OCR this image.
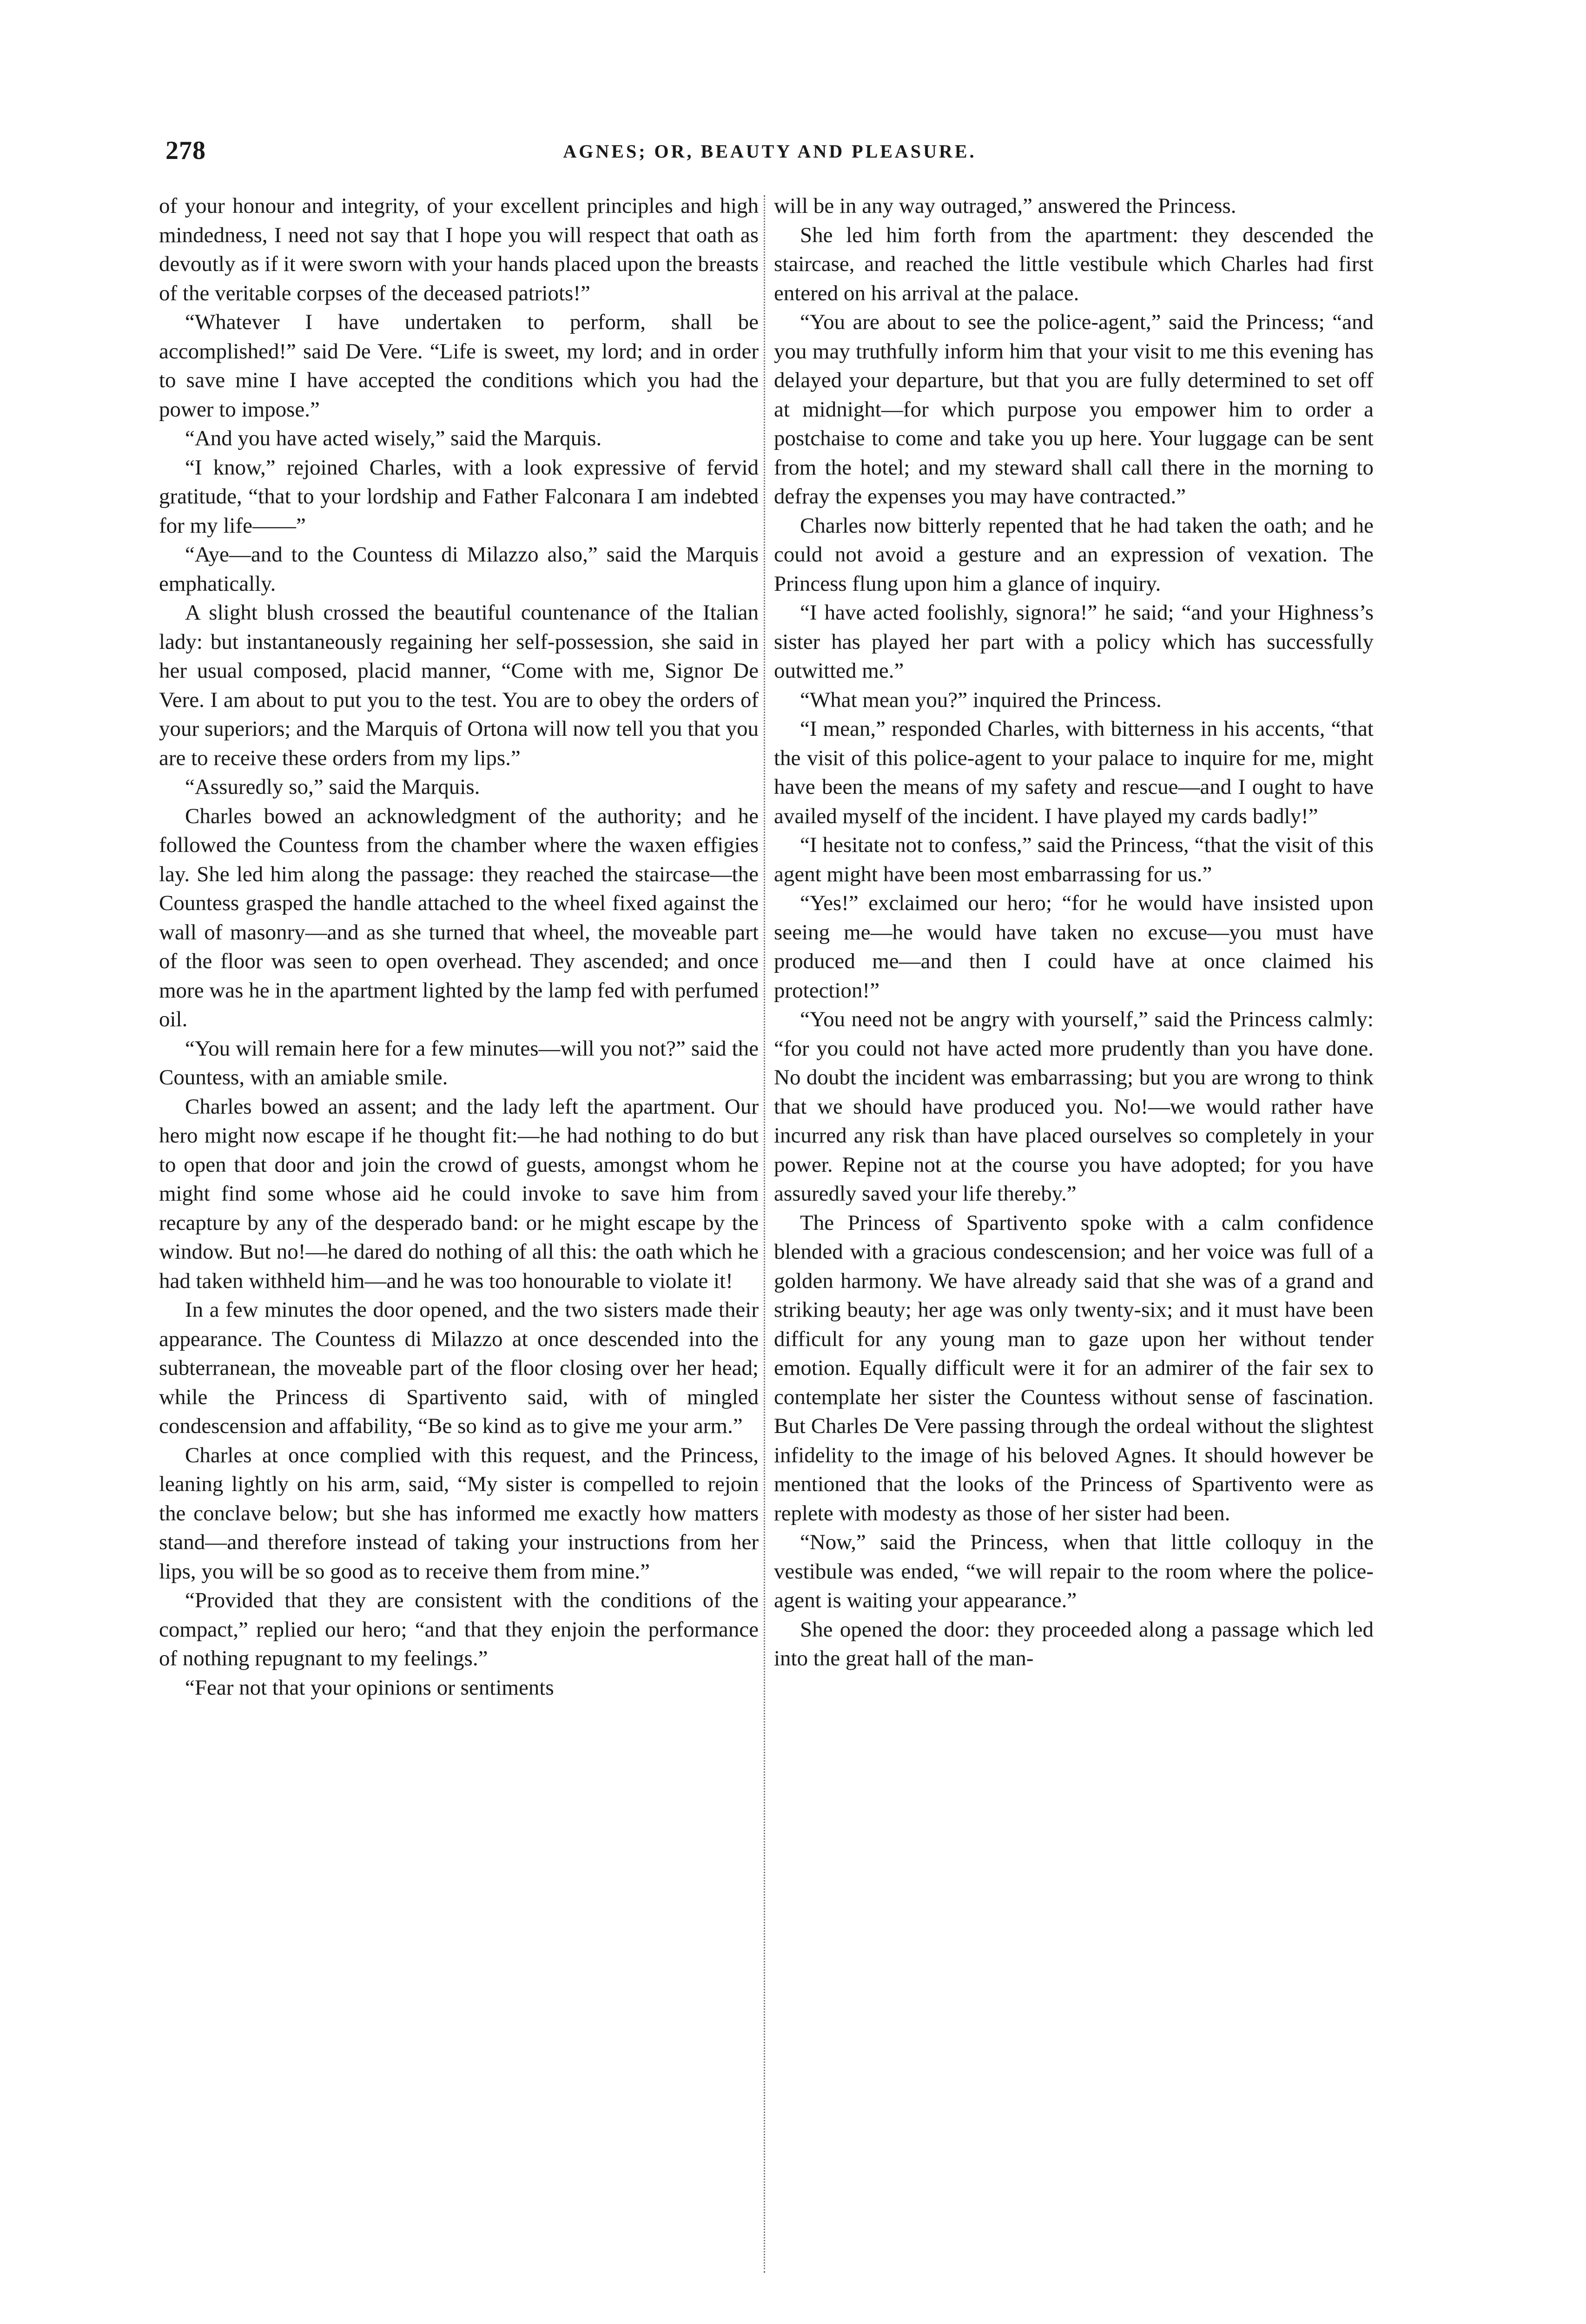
278	AGNES; OR, BEAUTY AND PLEASURE.

of your honour and integrity, of your excellent principles and high mindedness, I need not say that I hope you will respect that oath as devoutly as if it were sworn with your hands placed upon the breasts of the veritable corpses of the deceased patriots!”

“Whatever I have undertaken to perform, shall be accomplished!” said De Vere. “Life is sweet, my lord; and in order to save mine I have accepted the conditions which you had the power to impose.”

“And you have acted wisely,” said the Marquis.

“I know,” rejoined Charles, with a look expressive of fervid gratitude, “that to your lordship and Father Falconara I am indebted for my life——”

“Aye—and to the Countess di Milazzo also,” said the Marquis emphatically.

A slight blush crossed the beautiful countenance of the Italian lady: but instantaneously regaining her self-possession, she said in her usual composed, placid manner, “Come with me, Signor De Vere. I am about to put you to the test. You are to obey the orders of your superiors; and the Marquis of Ortona will now tell you that you are to receive these orders from my lips.”

“Assuredly so,” said the Marquis.

Charles bowed an acknowledgment of the authority; and he followed the Countess from the chamber where the waxen effigies lay. She led him along the passage: they reached the staircase—the Countess grasped the handle attached to the wheel fixed against the wall of masonry—and as she turned that wheel, the moveable part of the floor was seen to open overhead. They ascended; and once more was he in the apartment lighted by the lamp fed with perfumed oil.

“You will remain here for a few minutes—will you not?” said the Countess, with an amiable smile.

Charles bowed an assent; and the lady left the apartment. Our hero might now escape if he thought fit:—he had nothing to do but to open that door and join the crowd of guests, amongst whom he might find some whose aid he could invoke to save him from recapture by any of the desperado band: or he might escape by the window. But no!—he dared do nothing of all this: the oath which he had taken withheld him—and he was too honourable to violate it!

In a few minutes the door opened, and the two sisters made their appearance. The Countess di Milazzo at once descended into the subterranean, the moveable part of the floor closing over her head; while the Princess di Spartivento said, with of mingled condescension and affability, “Be so kind as to give me your arm.”

Charles at once complied with this request, and the Princess, leaning lightly on his arm, said, “My sister is compelled to rejoin the conclave below; but she has informed me exactly how matters stand—and therefore instead of taking your instructions from her lips, you will be so good as to receive them from mine.”

“Provided that they are consistent with the conditions of the compact,” replied our hero; “and that they enjoin the performance of nothing repugnant to my feelings.”

“Fear not that your opinions or sentiments

will be in any way outraged,” answered the Princess.

She led him forth from the apartment: they descended the staircase, and reached the little vestibule which Charles had first entered on his arrival at the palace.

“You are about to see the police-agent,” said the Princess; “and you may truthfully inform him that your visit to me this evening has delayed your departure, but that you are fully determined to set off at midnight—for which purpose you empower him to order a postchaise to come and take you up here. Your luggage can be sent from the hotel; and my steward shall call there in the morning to defray the expenses you may have contracted.”

Charles now bitterly repented that he had taken the oath; and he could not avoid a gesture and an expression of vexation. The Princess flung upon him a glance of inquiry.

“I have acted foolishly, signora!” he said; “and your Highness’s sister has played her part with a policy which has successfully outwitted me.”

“What mean you?” inquired the Princess.

“I mean,” responded Charles, with bitterness in his accents, “that the visit of this police-agent to your palace to inquire for me, might have been the means of my safety and rescue—and I ought to have availed myself of the incident. I have played my cards badly!”

“I hesitate not to confess,” said the Princess, “that the visit of this agent might have been most embarrassing for us.”

“Yes!” exclaimed our hero; “for he would have insisted upon seeing me—he would have taken no excuse—you must have produced me—and then I could have at once claimed his protection!”

“You need not be angry with yourself,” said the Princess calmly: “for you could not have acted more prudently than you have done. No doubt the incident was embarrassing; but you are wrong to think that we should have produced you. No!—we would rather have incurred any risk than have placed ourselves so completely in your power. Repine not at the course you have adopted; for you have assuredly saved your life thereby.”

The Princess of Spartivento spoke with a calm confidence blended with a gracious condescension; and her voice was full of a golden harmony. We have already said that she was of a grand and striking beauty; her age was only twenty-six; and it must have been difficult for any young man to gaze upon her without tender emotion. Equally difficult were it for an admirer of the fair sex to contemplate her sister the Countess without sense of fascination. But Charles De Vere passing through the ordeal without the slightest infidelity to the image of his beloved Agnes. It should however be mentioned that the looks of the Princess of Spartivento were as replete with modesty as those of her sister had been.

“Now,” said the Princess, when that little colloquy in the vestibule was ended, “we will repair to the room where the police-agent is waiting your appearance.”

She opened the door: they proceeded along a passage which led into the great hall of the man-
